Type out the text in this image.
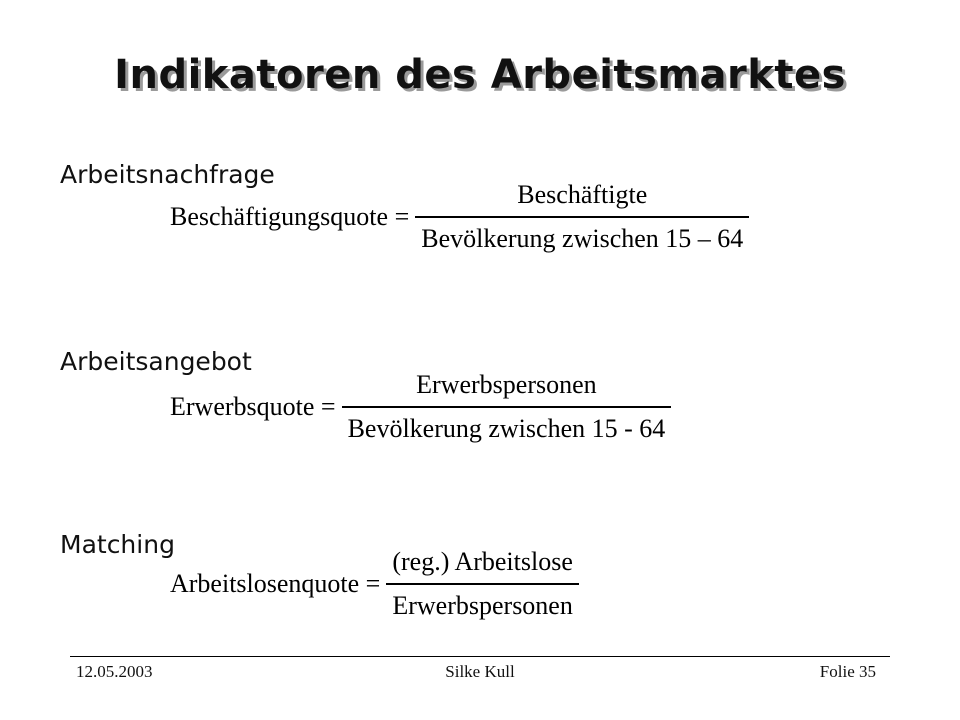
Indikatoren des Arbeitsmarktes
Arbeitsnachfrage
Beschäftigungsquote = $\frac{\text{Beschäftigte}}{\text{Bevölkerung zwischen 15 – 64}}$
Arbeitsangebot
Erwerbsquote = $\frac{\text{Erwerbspersonen}}{\text{Bevölkerung zwischen 15 - 64}}$
Matching
Arbeitslosenquote = $\frac{\text{(reg.) Arbeitslose}}{\text{Erwerbspersonen}}$
12.05.2003	Silke Kull	Folie 35
